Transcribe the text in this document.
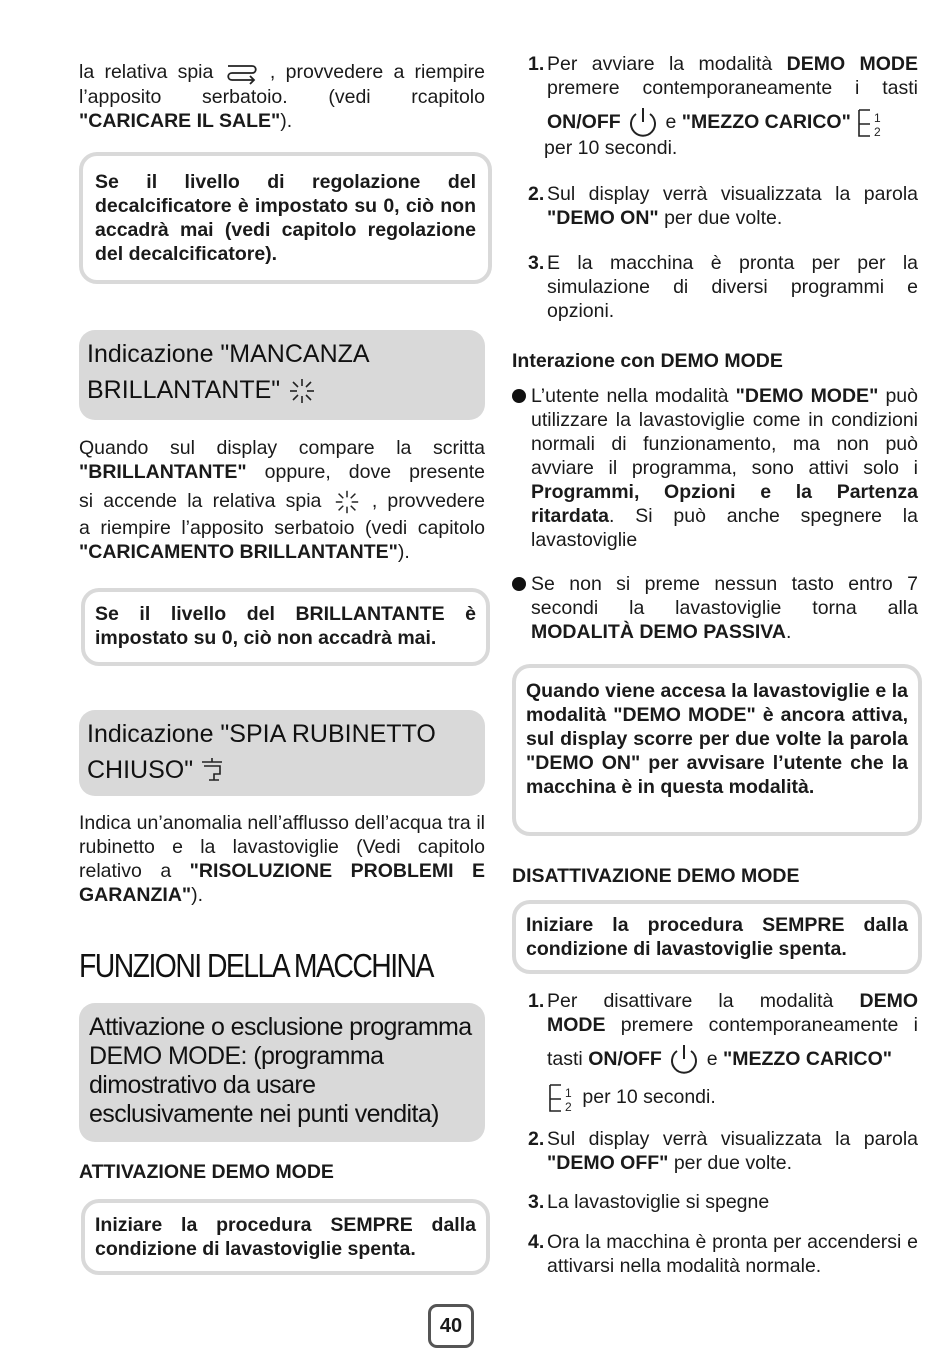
la relativa spia	, provvedere a riempire

l’apposito serbatoio. (vedi rcapitolo

"CARICARE IL SALE").

Se il livello di regolazione del decalcificatore è impostato su 0, ciò non accadrà mai (vedi capitolo regolazione del decalcificatore).

Indicazione "MANCANZA BRILLANTANTE"

Quando sul display compare la scritta

"BRILLANTANTE" oppure, dove presente

si accende la relativa spia	, provvedere

a riempire l’apposito serbatoio (vedi capitolo

"CARICAMENTO BRILLANTANTE").

Se il livello del BRILLANTANTE è impostato su 0, ciò non accadrà mai.

Indicazione "SPIA RUBINETTO CHIUSO"

Indica un’anomalia nell’afflusso dell’acqua tra il rubinetto e la lavastoviglie (Vedi capitolo relativo a "RISOLUZIONE PROBLEMI E GARANZIA").

FUNZIONI DELLA MACCHINA
Attivazione o esclusione programma DEMO MODE: (programma dimostrativo da usare esclusivamente nei punti vendita)
ATTIVAZIONE DEMO MODE

Iniziare la procedura SEMPRE dalla condizione di lavastoviglie spenta.

1. Per avviare la modalità DEMO MODE

premere contemporaneamente i tasti

ON/OFF  e "MEZZO CARICO" 1
2

per 10 secondi.

2. Sul display verrà visualizzata la parola

"DEMO ON" per due volte.

3. E la macchina è pronta per per la simulazione di diversi programmi e opzioni.

Interazione con DEMO MODE

L’utente nella modalità "DEMO MODE" può utilizzare la lavastoviglie come in condizioni normali di funzionamento, ma non può avviare il programma, sono attivi solo i Programmi, Opzioni e la Partenza ritardata. Si può anche spegnere la lavastoviglie

Se non si preme nessun tasto entro 7 secondi la lavastoviglie torna alla MODALITÀ DEMO PASSIVA.

Quando viene accesa la lavastoviglie e la modalità "DEMO MODE" è ancora attiva, sul display scorre per due volte la parola "DEMO ON" per avvisare l’utente che la macchina è in questa modalità.

DISATTIVAZIONE DEMO MODE

Iniziare la procedura SEMPRE dalla condizione di lavastoviglie spenta.

1. Per disattivare la modalità DEMO

MODE premere contemporaneamente i

tasti ON/OFF  e "MEZZO CARICO"

1
2 per 10 secondi.

2. Sul display verrà visualizzata la parola

"DEMO OFF" per due volte.

3. La lavastoviglie si spegne

4. Ora la macchina è pronta per accendersi e attivarsi nella modalità normale.

40
